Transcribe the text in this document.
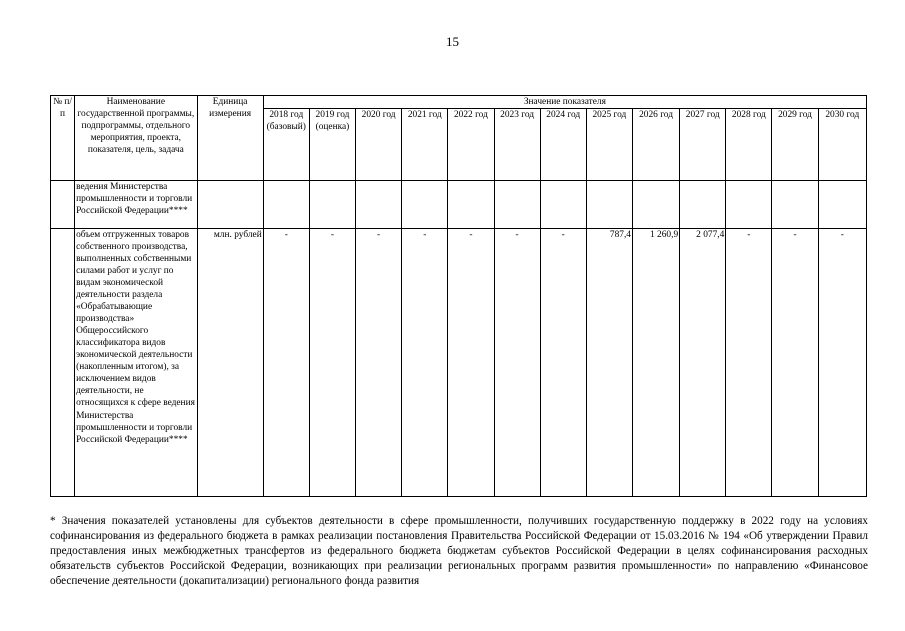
15
№ п/п	Наименование государственной программы, подпрограммы, отдельного мероприятия, проекта, показателя, цель, задача	Единица измерения	Значение показателя												
			2018 год (базовый)	2019 год (оценка)	2020 год	2021 год	2022 год	2023 год	2024 год	2025 год	2026 год	2027 год	2028 год	2029 год	2030 год
	ведения Министерства промышленности и торговли Российской Федерации****														
	объем отгруженных товаров собственного производства, выполненных собственными силами работ и услуг по видам экономической деятельности раздела «Обрабатывающие производства» Общероссийского классификатора видов экономической деятельности (накопленным итогом), за исключением видов деятельности, не относящихся к сфере ведения Министерства промышленности и торговли Российской Федерации****	млн. рублей	-	-	-	-	-	-	-	787,4	1 260,9	2 077,4	-	-	-

* Значения показателей установлены для субъектов деятельности в сфере промышленности, получивших государственную поддержку в 2022 году на условиях софинансирования из федерального бюджета в рамках реализации постановления Правительства Российской Федерации от 15.03.2016 № 194 «Об утверждении Правил предоставления иных межбюджетных трансфертов из федерального бюджета бюджетам субъектов Российской Федерации в целях софинансирования расходных обязательств субъектов Российской Федерации, возникающих при реализации региональных программ развития промышленности» по направлению «Финансовое обеспечение деятельности (докапитализации) регионального фонда развития
